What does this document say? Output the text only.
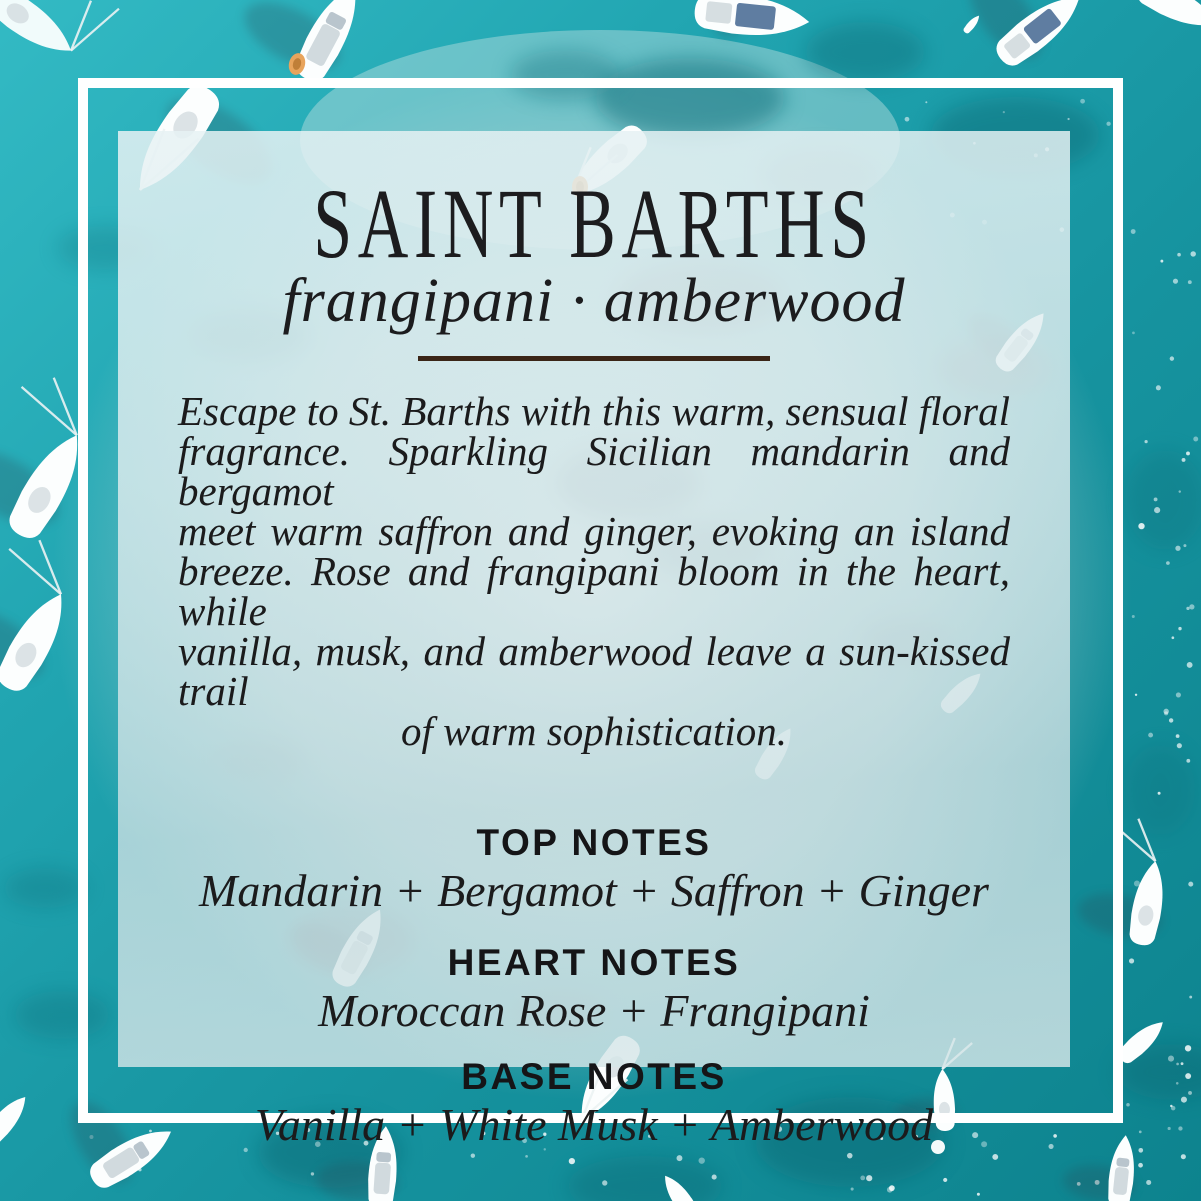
SAINT BARTHS
frangipani · amberwood
Escape to St. Barths with this warm, sensual floral
fragrance. Sparkling Sicilian mandarin and bergamot
meet warm saffron and ginger, evoking an island
breeze. Rose and frangipani bloom in the heart, while
vanilla, musk, and amberwood leave a sun-kissed trail
of warm sophistication.
TOP NOTES

Mandarin + Bergamot + Saffron + Ginger

HEART NOTES

Moroccan Rose + Frangipani

BASE NOTES

Vanilla + White Musk + Amberwood
